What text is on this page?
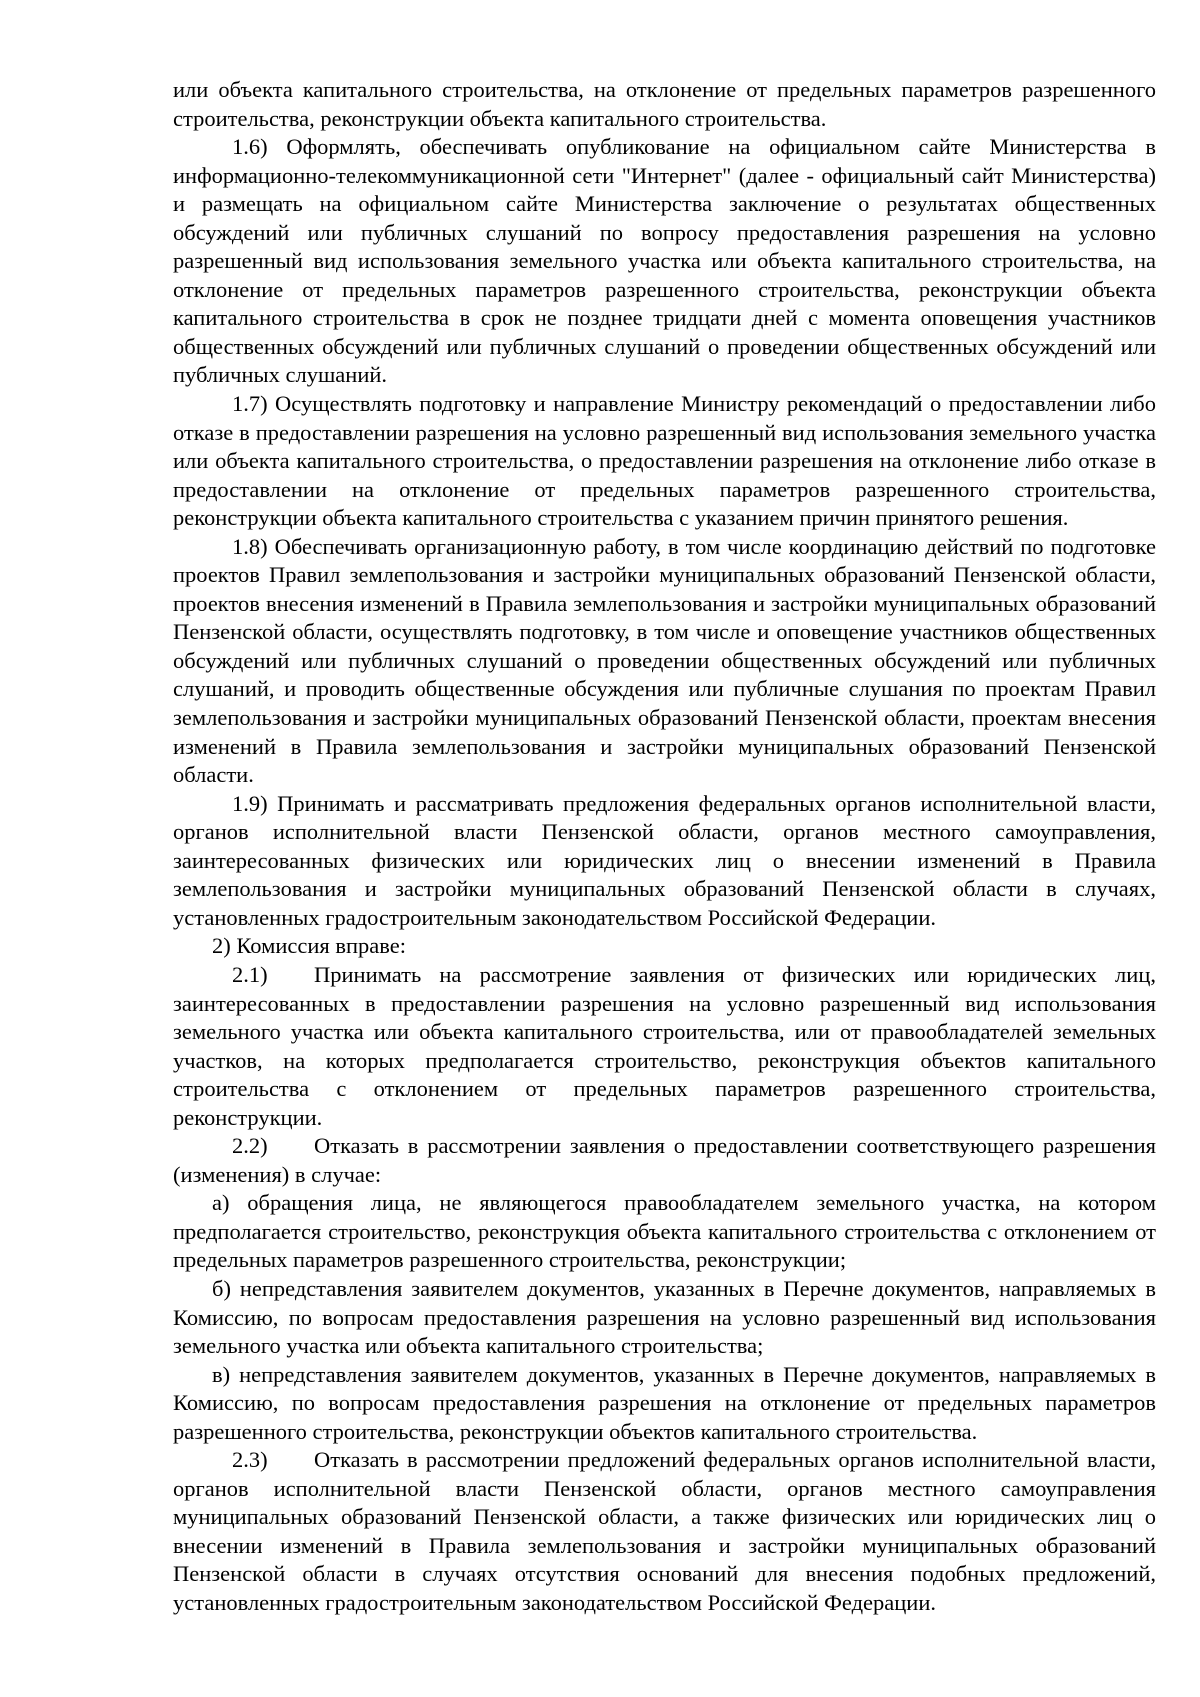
или объекта капитального строительства, на отклонение от предельных параметров разрешенного строительства, реконструкции объекта капитального строительства.

1.6) Оформлять, обеспечивать опубликование на официальном сайте Министерства в информационно-телекоммуникационной сети "Интернет" (далее - официальный сайт Министерства) и размещать на официальном сайте Министерства заключение о результатах общественных обсуждений или публичных слушаний по вопросу предоставления разрешения на условно разрешенный вид использования земельного участка или объекта капитального строительства, на отклонение от предельных параметров разрешенного строительства, реконструкции объекта капитального строительства в срок не позднее тридцати дней с момента оповещения участников общественных обсуждений или публичных слушаний о проведении общественных обсуждений или публичных слушаний.

1.7) Осуществлять подготовку и направление Министру рекомендаций о предоставлении либо отказе в предоставлении разрешения на условно разрешенный вид использования земельного участка или объекта капитального строительства, о предоставлении разрешения на отклонение либо отказе в предоставлении на отклонение от предельных параметров разрешенного строительства, реконструкции объекта капитального строительства с указанием причин принятого решения.

1.8) Обеспечивать организационную работу, в том числе координацию действий по подготовке проектов Правил землепользования и застройки муниципальных образований Пензенской области, проектов внесения изменений в Правила землепользования и застройки муниципальных образований Пензенской области, осуществлять подготовку, в том числе и оповещение участников общественных обсуждений или публичных слушаний о проведении общественных обсуждений или публичных слушаний, и проводить общественные обсуждения или публичные слушания по проектам Правил землепользования и застройки муниципальных образований Пензенской области, проектам внесения изменений в Правила землепользования и застройки муниципальных образований Пензенской области.

1.9) Принимать и рассматривать предложения федеральных органов исполнительной власти, органов исполнительной власти Пензенской области, органов местного самоуправления, заинтересованных физических или юридических лиц о внесении изменений в Правила землепользования и застройки муниципальных образований Пензенской области в случаях, установленных градостроительным законодательством Российской Федерации.

2) Комиссия вправе:

2.1) Принимать на рассмотрение заявления от физических или юридических лиц, заинтересованных в предоставлении разрешения на условно разрешенный вид использования земельного участка или объекта капитального строительства, или от правообладателей земельных участков, на которых предполагается строительство, реконструкция объектов капитального строительства с отклонением от предельных параметров разрешенного строительства, реконструкции.

2.2) Отказать в рассмотрении заявления о предоставлении соответствующего разрешения (изменения) в случае:

а) обращения лица, не являющегося правообладателем земельного участка, на котором предполагается строительство, реконструкция объекта капитального строительства с отклонением от предельных параметров разрешенного строительства, реконструкции;

б) непредставления заявителем документов, указанных в Перечне документов, направляемых в Комиссию, по вопросам предоставления разрешения на условно разрешенный вид использования земельного участка или объекта капитального строительства;

в) непредставления заявителем документов, указанных в Перечне документов, направляемых в Комиссию, по вопросам предоставления разрешения на отклонение от предельных параметров разрешенного строительства, реконструкции объектов капитального строительства.

2.3) Отказать в рассмотрении предложений федеральных органов исполнительной власти, органов исполнительной власти Пензенской области, органов местного самоуправления муниципальных образований Пензенской области, а также физических или юридических лиц о внесении изменений в Правила землепользования и застройки муниципальных образований Пензенской области в случаях отсутствия оснований для внесения подобных предложений, установленных градостроительным законодательством Российской Федерации.
